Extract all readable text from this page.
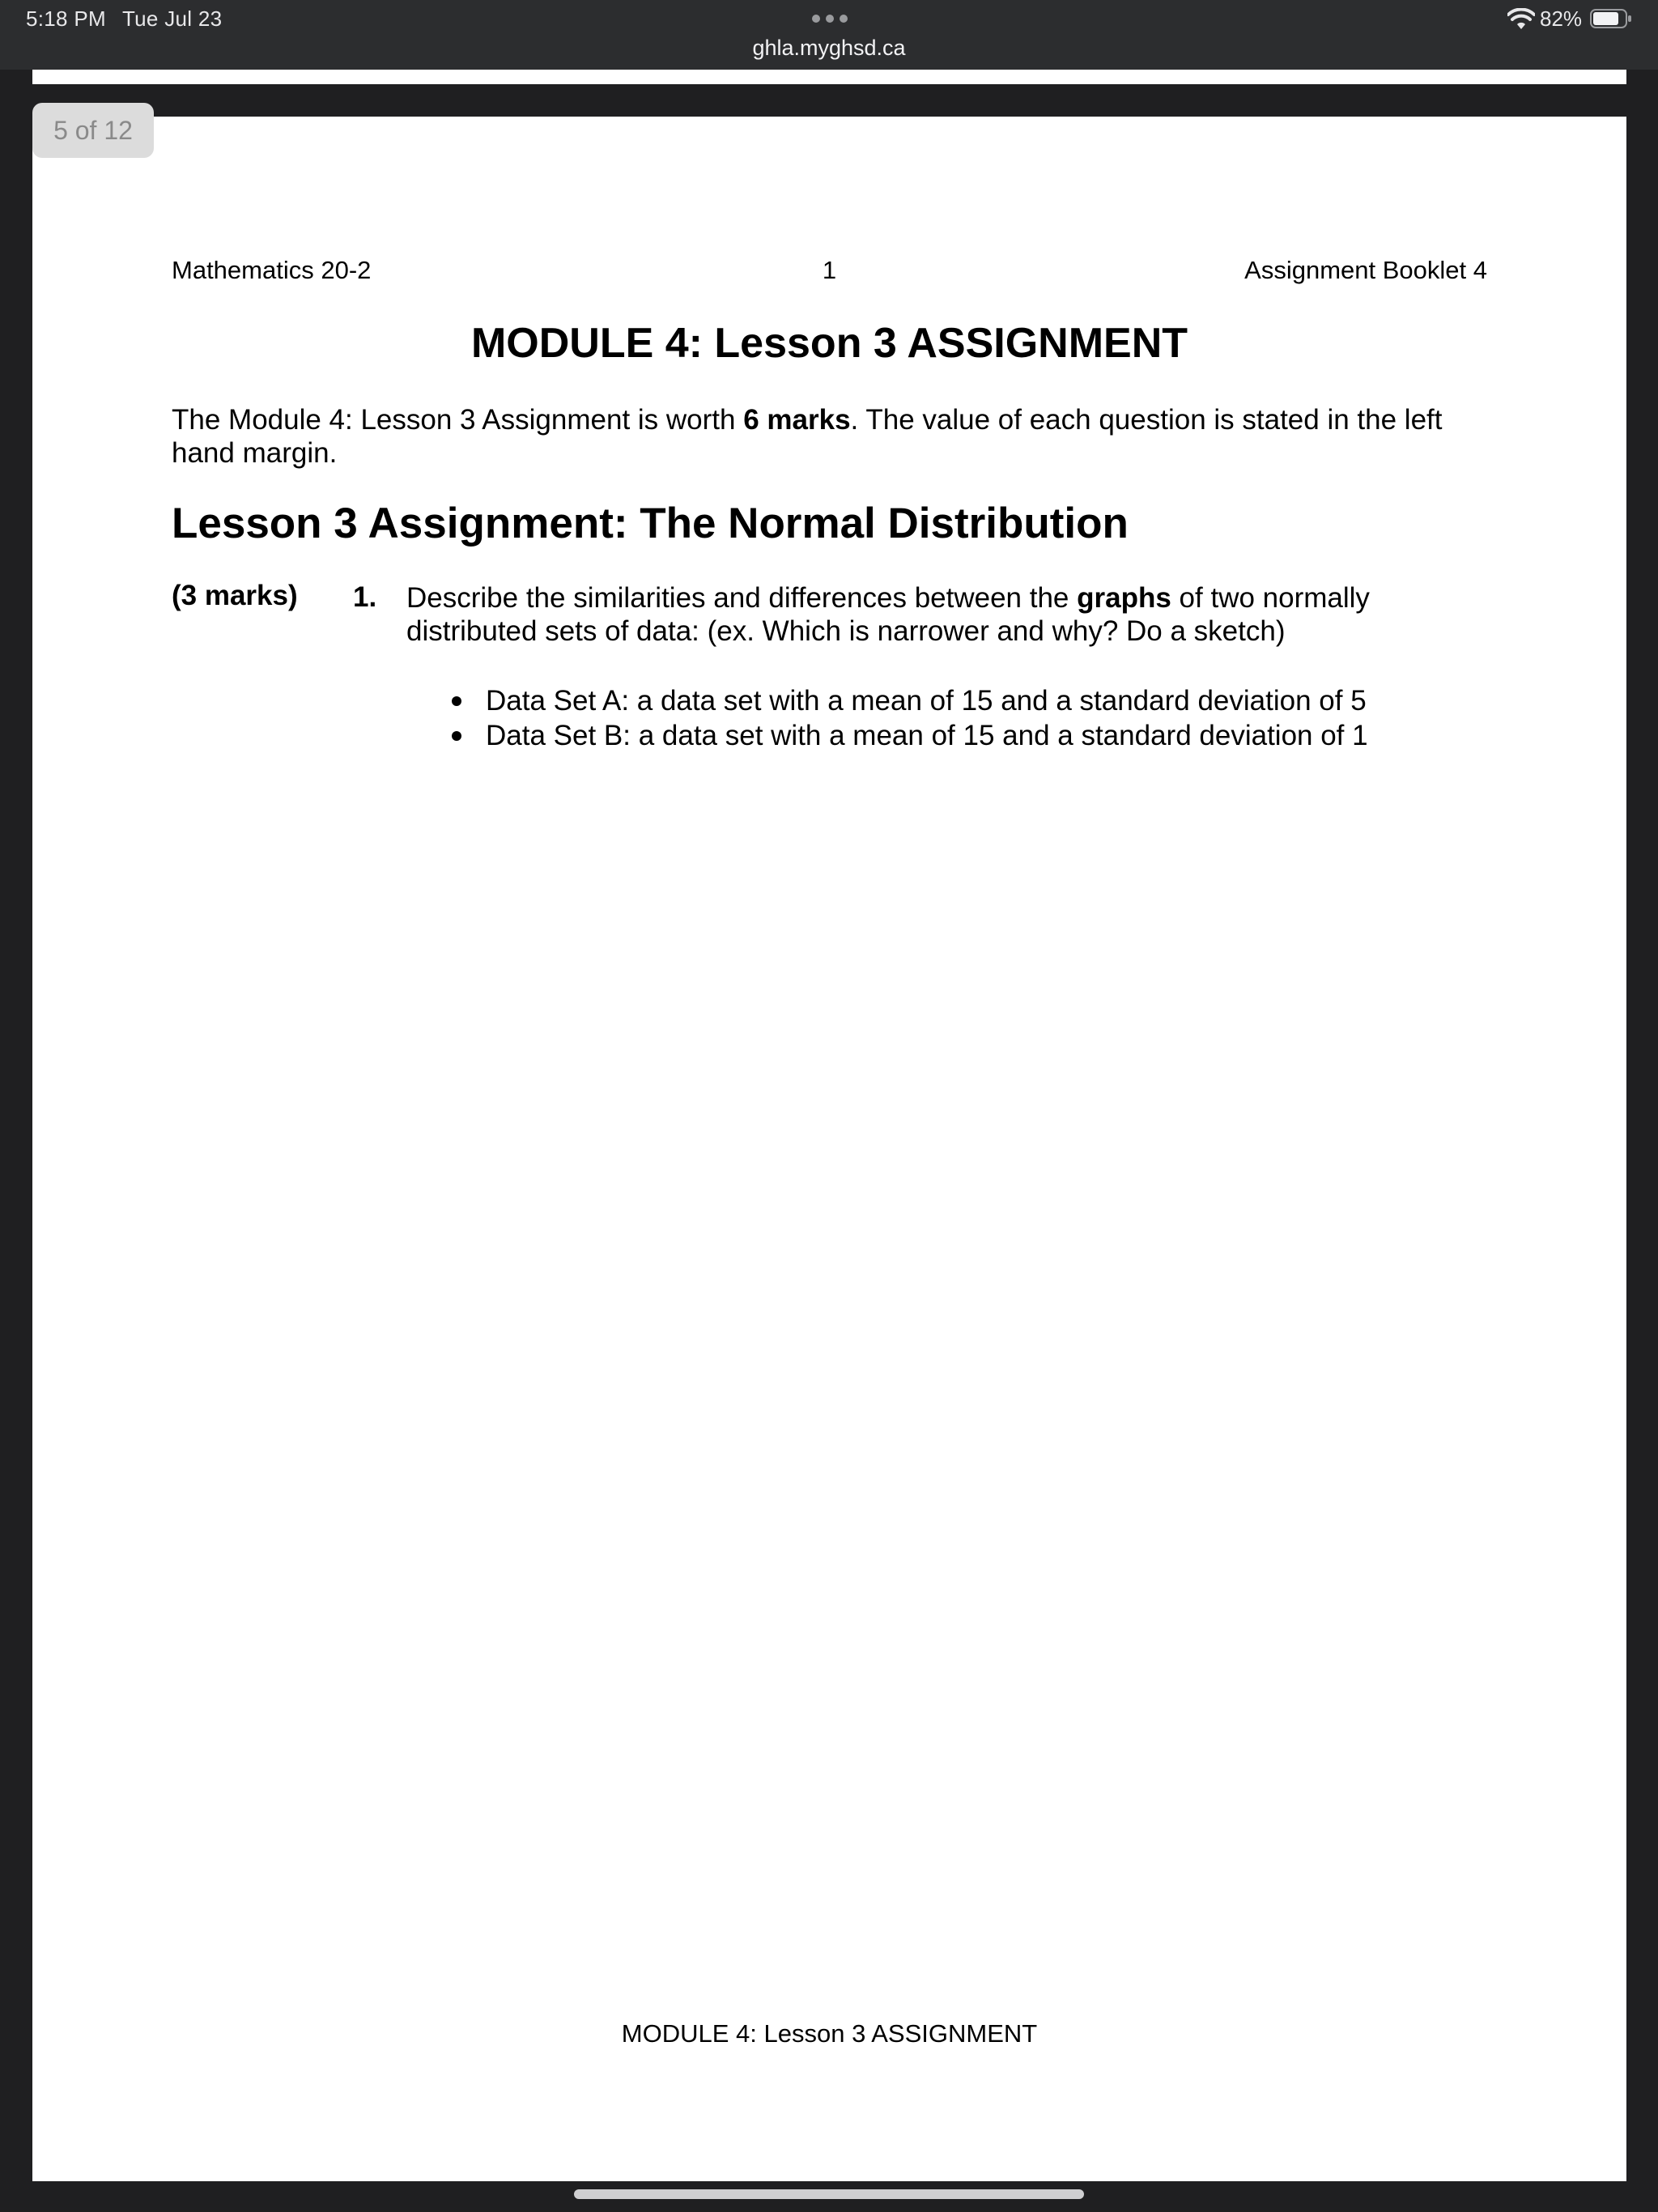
5:18 PM Tue Jul 23
ghla.myghsd.ca
82%
Mathematics 20-2	1	Assignment Booklet 4
MODULE 4: Lesson 3 ASSIGNMENT
The Module 4: Lesson 3 Assignment is worth 6 marks. The value of each question is stated in the left hand margin.
Lesson 3 Assignment: The Normal Distribution
(3 marks) 1. Describe the similarities and differences between the graphs of two normally distributed sets of data: (ex. Which is narrower and why? Do a sketch)
Data Set A: a data set with a mean of 15 and a standard deviation of 5
Data Set B: a data set with a mean of 15 and a standard deviation of 1
MODULE 4: Lesson 3 ASSIGNMENT
5 of 12
